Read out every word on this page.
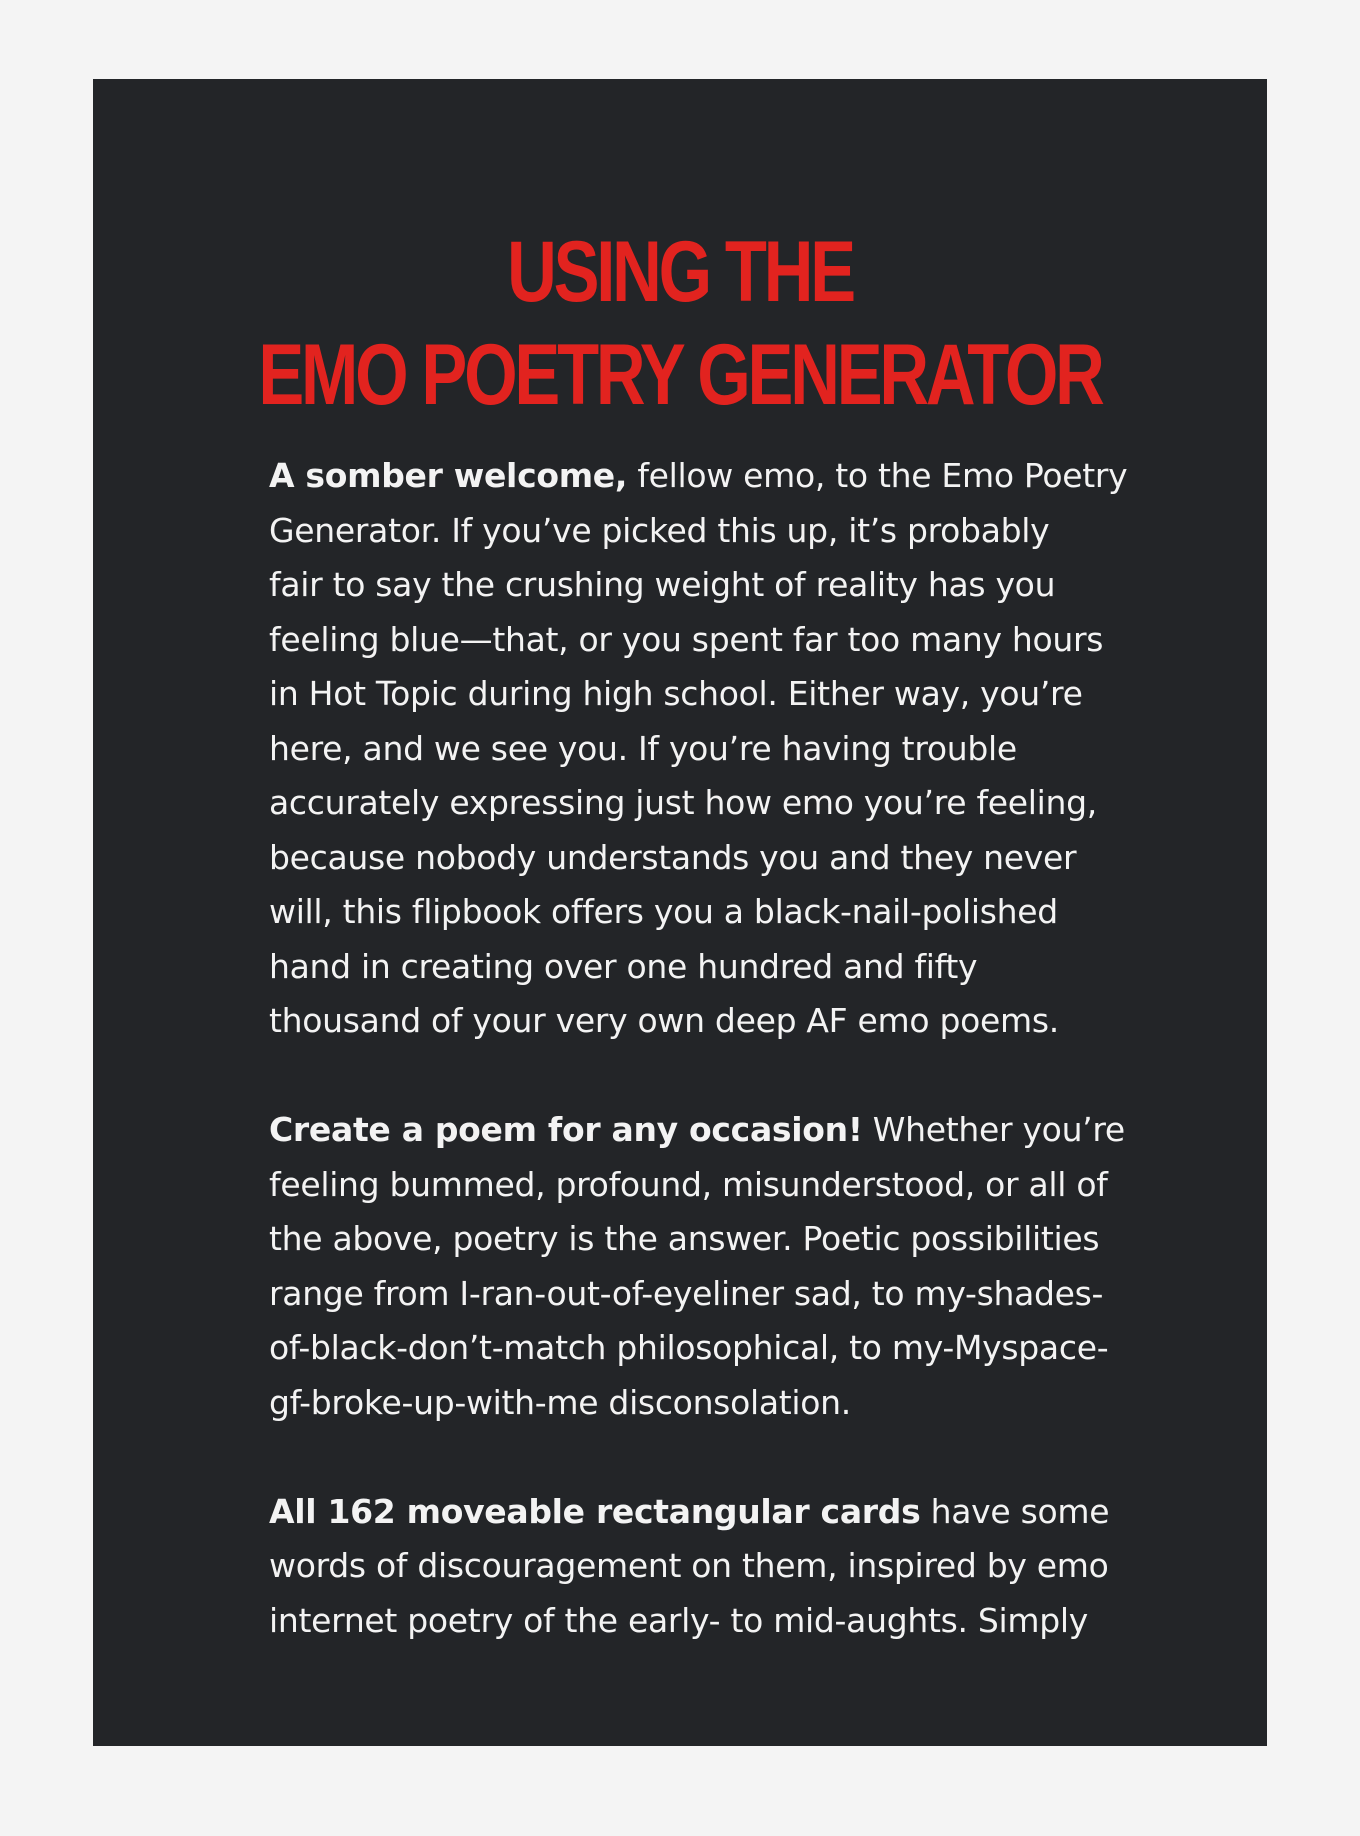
USING THE
EMO POETRY GENERATOR

A somber welcome, fellow emo, to the Emo Poetry
Generator. If you’ve picked this up, it’s probably
fair to say the crushing weight of reality has you
feeling blue—that, or you spent far too many hours
in Hot Topic during high school. Either way, you’re
here, and we see you. If you’re having trouble
accurately expressing just how emo you’re feeling,
because nobody understands you and they never
will, this flipbook offers you a black-nail-polished
hand in creating over one hundred and fifty
thousand of your very own deep AF emo poems.

Create a poem for any occasion! Whether you’re
feeling bummed, profound, misunderstood, or all of
the above, poetry is the answer. Poetic possibilities
range from I-ran-out-of-eyeliner sad, to my-shades-
of-black-don’t-match philosophical, to my-Myspace-
gf-broke-up-with-me disconsolation.

All 162 moveable rectangular cards have some
words of discouragement on them, inspired by emo
internet poetry of the early- to mid-aughts. Simply
